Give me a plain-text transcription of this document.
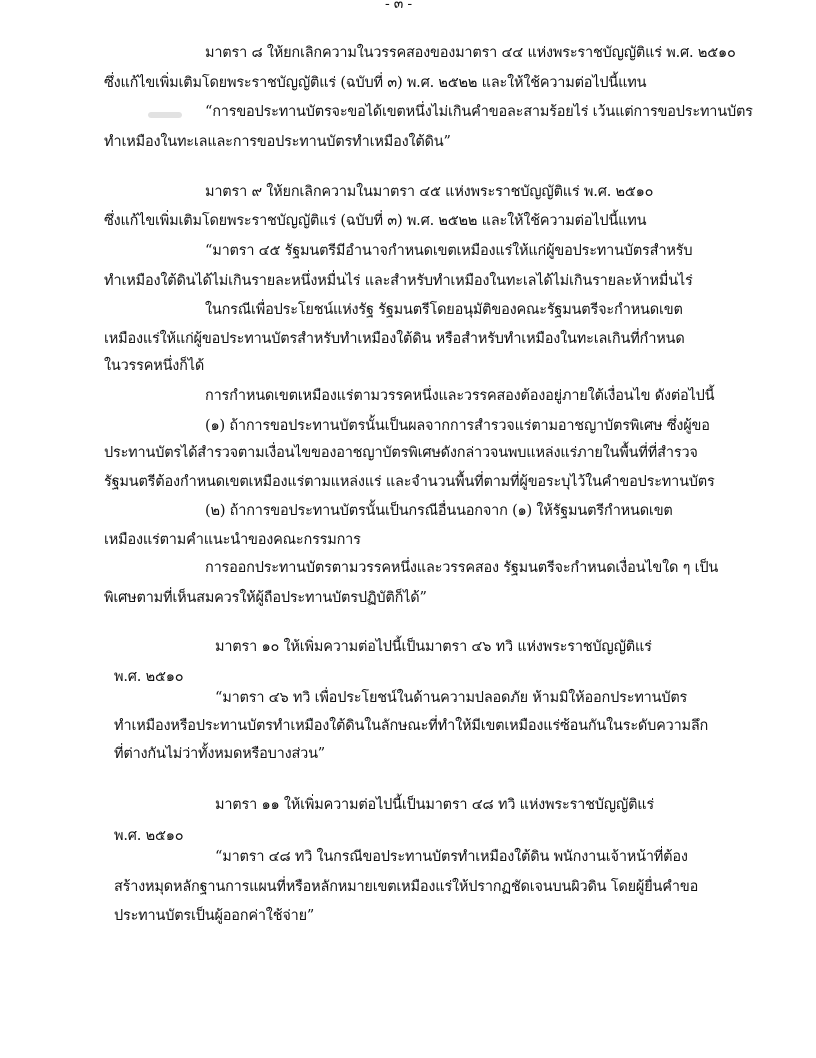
- ๓ -
มาตรา ๘ ให้ยกเลิกความในวรรคสองของมาตรา ๔๔ แห่งพระราชบัญญัติแร่ พ.ศ. ๒๕๑๐
ซึ่งแก้ไขเพิ่มเติมโดยพระราชบัญญัติแร่ (ฉบับที่ ๓) พ.ศ. ๒๕๒๒ และให้ใช้ความต่อไปนี้แทน
“การขอประทานบัตรจะขอได้เขตหนึ่งไม่เกินคำขอละสามร้อยไร่ เว้นแต่การขอประทานบัตร
ทำเหมืองในทะเลและการขอประทานบัตรทำเหมืองใต้ดิน”
มาตรา ๙ ให้ยกเลิกความในมาตรา ๔๕ แห่งพระราชบัญญัติแร่ พ.ศ. ๒๕๑๐
ซึ่งแก้ไขเพิ่มเติมโดยพระราชบัญญัติแร่ (ฉบับที่ ๓) พ.ศ. ๒๕๒๒ และให้ใช้ความต่อไปนี้แทน
“มาตรา ๔๕ รัฐมนตรีมีอำนาจกำหนดเขตเหมืองแร่ให้แก่ผู้ขอประทานบัตรสำหรับ
ทำเหมืองใต้ดินได้ไม่เกินรายละหนึ่งหมื่นไร่ และสำหรับทำเหมืองในทะเลได้ไม่เกินรายละห้าหมื่นไร่
ในกรณีเพื่อประโยชน์แห่งรัฐ รัฐมนตรีโดยอนุมัติของคณะรัฐมนตรีจะกำหนดเขต
เหมืองแร่ให้แก่ผู้ขอประทานบัตรสำหรับทำเหมืองใต้ดิน หรือสำหรับทำเหมืองในทะเลเกินที่กำหนด
ในวรรคหนึ่งก็ได้
การกำหนดเขตเหมืองแร่ตามวรรคหนึ่งและวรรคสองต้องอยู่ภายใต้เงื่อนไข ดังต่อไปนี้
(๑) ถ้าการขอประทานบัตรนั้นเป็นผลจากการสำรวจแร่ตามอาชญาบัตรพิเศษ ซึ่งผู้ขอ
ประทานบัตรได้สำรวจตามเงื่อนไขของอาชญาบัตรพิเศษดังกล่าวจนพบแหล่งแร่ภายในพื้นที่ที่สำรวจ
รัฐมนตรีต้องกำหนดเขตเหมืองแร่ตามแหล่งแร่ และจำนวนพื้นที่ตามที่ผู้ขอระบุไว้ในคำขอประทานบัตร
(๒) ถ้าการขอประทานบัตรนั้นเป็นกรณีอื่นนอกจาก (๑) ให้รัฐมนตรีกำหนดเขต
เหมืองแร่ตามคำแนะนำของคณะกรรมการ
การออกประทานบัตรตามวรรคหนึ่งและวรรคสอง รัฐมนตรีจะกำหนดเงื่อนไขใด ๆ เป็น
พิเศษตามที่เห็นสมควรให้ผู้ถือประทานบัตรปฏิบัติก็ได้”
มาตรา ๑๐ ให้เพิ่มความต่อไปนี้เป็นมาตรา ๔๖ ทวิ แห่งพระราชบัญญัติแร่
พ.ศ. ๒๕๑๐
“มาตรา ๔๖ ทวิ เพื่อประโยชน์ในด้านความปลอดภัย ห้ามมิให้ออกประทานบัตร
ทำเหมืองหรือประทานบัตรทำเหมืองใต้ดินในลักษณะที่ทำให้มีเขตเหมืองแร่ซ้อนกันในระดับความลึก
ที่ต่างกันไม่ว่าทั้งหมดหรือบางส่วน”
มาตรา ๑๑ ให้เพิ่มความต่อไปนี้เป็นมาตรา ๔๘ ทวิ แห่งพระราชบัญญัติแร่
พ.ศ. ๒๕๑๐
“มาตรา ๔๘ ทวิ ในกรณีขอประทานบัตรทำเหมืองใต้ดิน พนักงานเจ้าหน้าที่ต้อง
สร้างหมุดหลักฐานการแผนที่หรือหลักหมายเขตเหมืองแร่ให้ปรากฏชัดเจนบนผิวดิน โดยผู้ยื่นคำขอ
ประทานบัตรเป็นผู้ออกค่าใช้จ่าย”
